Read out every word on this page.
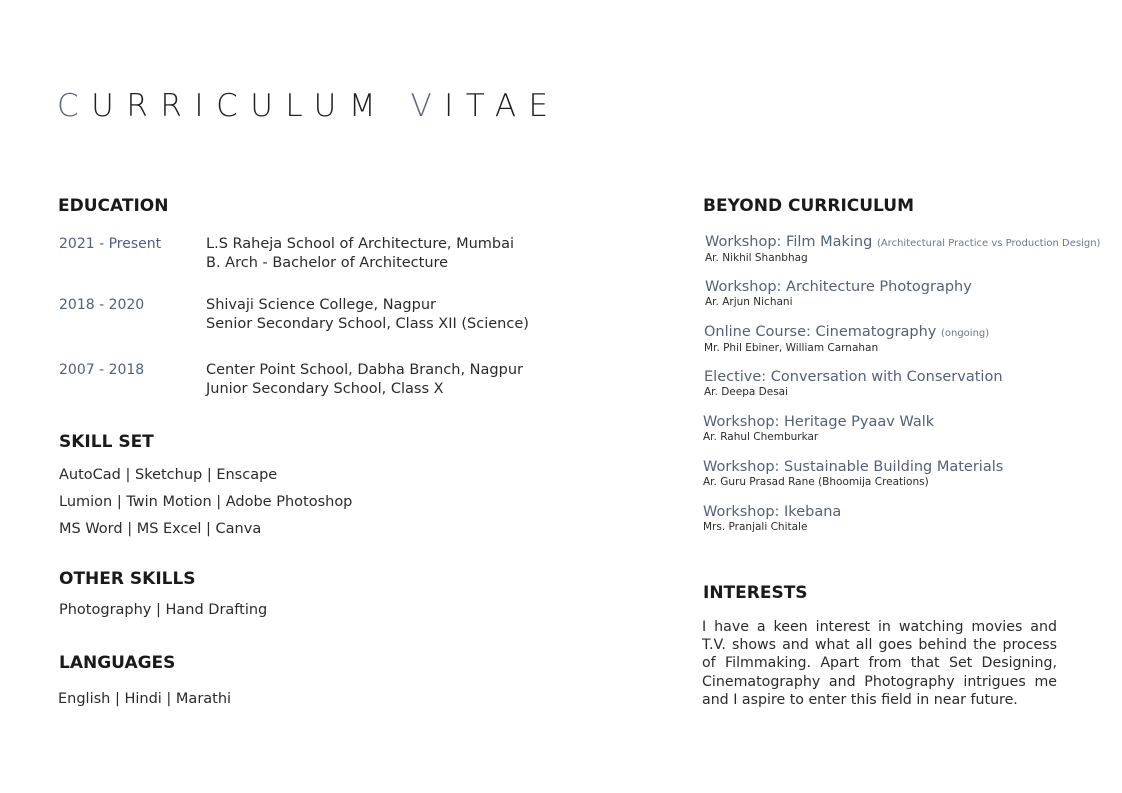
CURRICULUM VITAE
EDUCATION
2021 - Present	L.S Raheja School of Architecture, Mumbai
B. Arch - Bachelor of Architecture
2018 - 2020	Shivaji Science College, Nagpur
Senior Secondary School, Class XII (Science)
2007 - 2018	Center Point School, Dabha Branch, Nagpur
Junior Secondary School, Class X
SKILL SET
AutoCad | Sketchup | Enscape
Lumion | Twin Motion | Adobe Photoshop
MS Word | MS Excel | Canva
OTHER SKILLS
Photography | Hand Drafting
LANGUAGES
English | Hindi | Marathi
BEYOND CURRICULUM
Workshop: Film Making (Architectural Practice vs Production Design)
Ar. Nikhil Shanbhag
Workshop: Architecture Photography
Ar. Arjun Nichani
Online Course: Cinematography (ongoing)
Mr. Phil Ebiner, William Carnahan
Elective: Conversation with Conservation
Ar. Deepa Desai
Workshop: Heritage Pyaav Walk
Ar. Rahul Chemburkar
Workshop: Sustainable Building Materials
Ar. Guru Prasad Rane (Bhoomija Creations)
Workshop: Ikebana
Mrs. Pranjali Chitale
INTERESTS

I have a keen interest in watching movies and T.V. shows and what all goes behind the process of Filmmaking. Apart from that Set Designing, Cinematography and Photography intrigues me and I aspire to enter this field in near future.
